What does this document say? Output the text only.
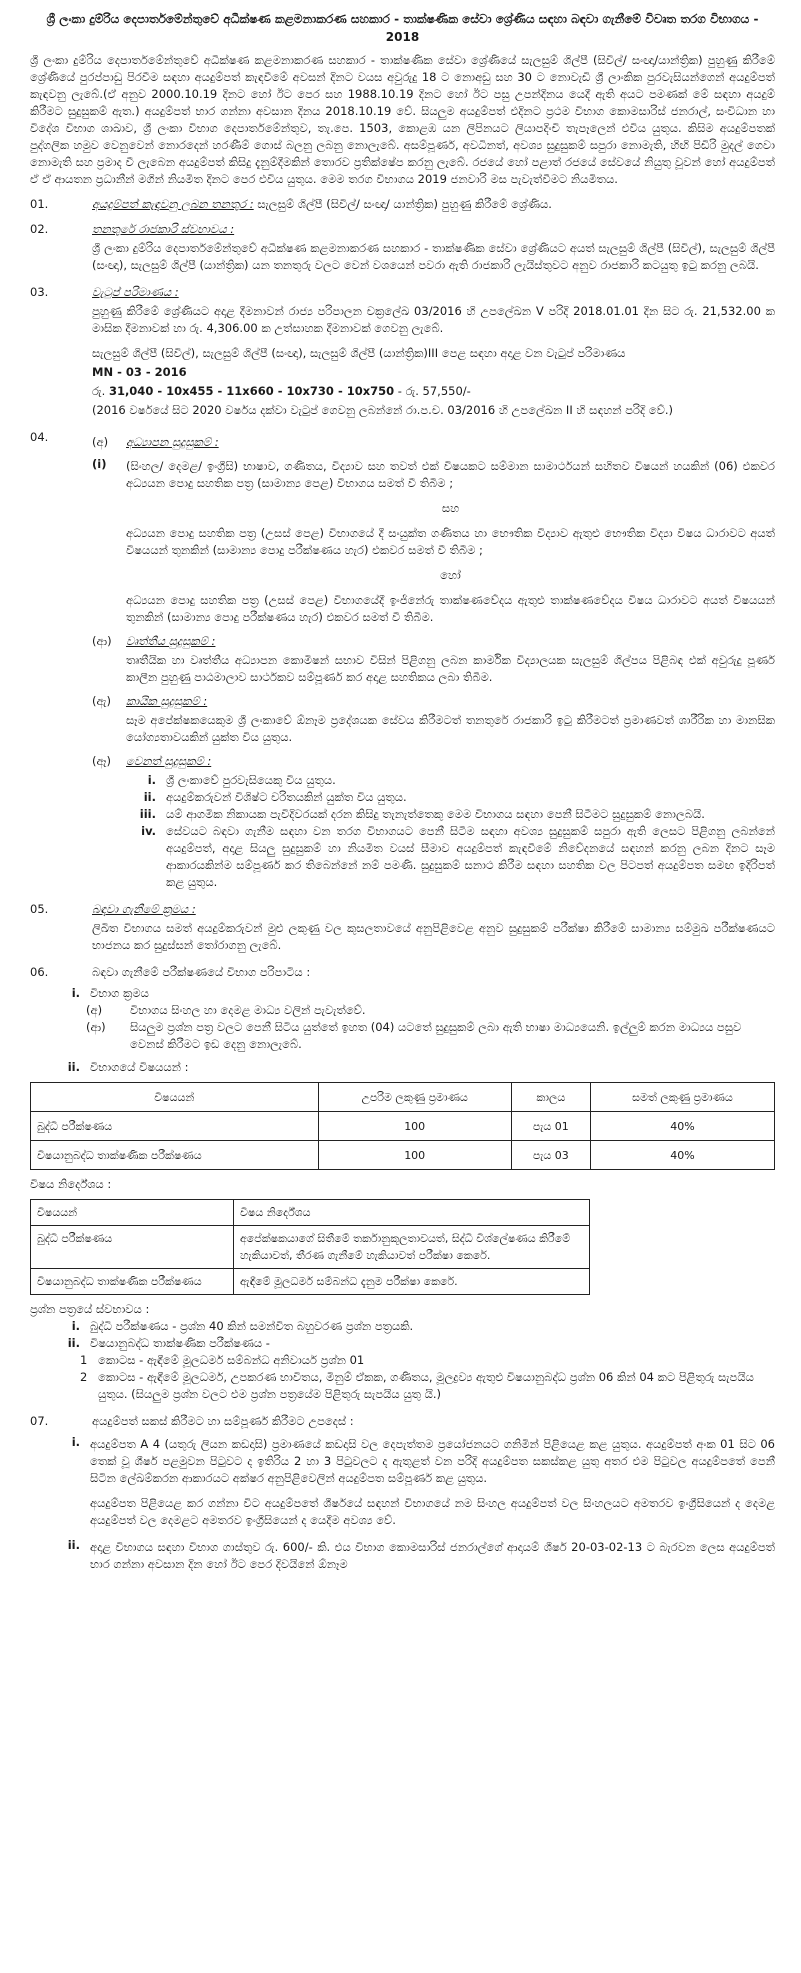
ශ්‍රී ලංකා දුම්රිය දෙපාර්තමේන්තුවේ අධීක්ෂණ කළමනාකරණ සහකාර - තාක්ෂණික සේවා ශ්‍රේණිය සඳහා බඳවා ගැනීමේ විවෘත තරග විභාගය - 2018

ශ්‍රී ලංකා දුම්රිය දෙපාර්තමේන්තුවේ අධීක්ෂණ කළමනාකරණ සහකාර - තාක්ෂණික සේවා ශ්‍රේණියේ සැලසුම් ශිල්පී (සිවිල්/ සංඥා/යාන්ත්‍රික) පුහුණු කිරීමේ ශ්‍රේණියේ පුරප්පාඩු පිරවීම සඳහා අයදුම්පත් කැඳවීමේ අවසන් දිනට වයස අවුරුදු 18 ට නොඅඩු සහ 30 ට නොවැඩි ශ්‍රී ලාංකික පුරවැසියන්ගෙන් අයදුම්පත් කැඳවනු ලැබේ.(ඒ අනුව 2000.10.19 දිනට හෝ ඊට පෙර සහ 1988.10.19 දිනට හෝ ඊට පසු උපන්දිනය යෙදී ඇති අයට පමණක් මේ සඳහා අයදුම් කිරීමට සුදුසුකම් ඇත.) අයදුම්පත් භාර ගන්නා අවසාන දිනය 2018.10.19 වේ. සියලුම අයදුම්පත් එදිනට ප්‍රථම විභාග කොමසාරිස් ජනරාල්, සංවිධාන හා විදේශ විභාග ශාඛාව, ශ්‍රී ලංකා විභාග දෙපාර්තමේන්තුව, තැ.පෙ. 1503, කොළඹ යන ලිපිනයට ලියාපදිංචි තැපෑලෙන් එවිය යුතුය. කිසිම අයදුම්පතක් පුද්ගලික හමුව වෙනුවෙන් නොරදෙන් හරණීම් ගොස් බලනු ලබනු නොලැබේ. අසම්පූර්ණ, අවධිනත්, අවශ්‍ය සුදුසුකම් සපුරා නොමැති, හිඟි පිඩිරි මුදල් ගෙවා නොමැති සහ ප්‍රමාද වී ලැබෙන අයදුම්පත් කිසිදු දැනුම්දීමකින් තොරව ප්‍රතික්ෂේප කරනු ලැබේ. රජයේ හෝ පළාත් රජයේ සේවයේ නියුතු වූවන් හෝ අයදුම්පත් ඒ ඒ ආයතන ප්‍රධානීන් මගින් නියමිත දිනට පෙර එවිය යුතුය. මෙම තරග විභාගය 2019 ජනවාරි මස පැවැත්වීමට නියමිතය.

01.	අයදුම්පත් කැඳවනු ලබන තනතුර : සැලසුම් ශිල්පී (සිවිල්/ සංඥා/ යාන්ත්‍රික) පුහුණු කිරීමේ ශ්‍රේණිය.
02.	තනතුරේ රාජකාරි ස්වභාවය :
ශ්‍රී ලංකා දුම්රිය දෙපාර්තමේන්තුවේ අධීක්ෂණ කළමනාකරණ සහකාර - තාක්ෂණික සේවා ශ්‍රේණියට අයත් සැලසුම් ශිල්පී (සිවිල්), සැලසුම් ශිල්පී (සංඥා), සැලසුම් ශිල්පී (යාන්ත්‍රික) යන තනතුරු වලට වෙන් වශයෙන් පවරා ඇති රාජකාරි ලැයිස්තුවට අනුව රාජකාරි කටයුතු ඉටු කරනු ලබයි.
03.	වැටුප් පරිමාණය :
පුහුණු කිරීමේ ශ්‍රේණියට අදාළ දීමනාවන් රාජ්‍ය පරිපාලන චක්‍රලේඛ 03/2016 හි උපලේඛන V පරිදි 2018.01.01 දින සිට රු. 21,532.00 ක මාසික දීමනාවක් හා රු. 4,306.00 ක උත්සාහක දීමනාවක් ගෙවනු ලැබේ.
සැලසුම් ශිල්පී (සිවිල්), සැලසුම් ශිල්පී (සංඥා), සැලසුම් ශිල්පී (යාන්ත්‍රික)III පෙළ සඳහා අදාළ වන වැටුප් පරිමාණය
MN - 03 - 2016
රු. 31,040 - 10x455 - 11x660 - 10x730 - 10x750 - රු. 57,550/-
(2016 වර්ෂයේ සිට 2020 වර්ෂය දක්වා වැටුප් ගෙවනු ලබන්නේ රා.ප.ච. 03/2016 හි උපලේඛන II හි සඳහන් පරිදි වේ.)
04.	(අ)	අධ්‍යාපන සුදුසුකම් :
(i)	(සිංහල/ දෙමළ/ ඉංග්‍රීසි) භාෂාව, ගණිතය, විද්‍යාව සහ තවත් එක් විෂයකට සම්මාන සාමාර්ථයන් සහිතව විෂයන් හයකින් (06) එකවර අධ්‍යයන පොදු සහතික පත්‍ර (සාමාන්‍ය පෙළ) විභාගය සමත් වී තිබීම ;
සහ
අධ්‍යයන පොදු සහතික පත්‍ර (උසස් පෙළ) විභාගයේ දී සංයුක්ත ගණිතය හා භෞතික විද්‍යාව ඇතුළු භෞතික විද්‍යා විෂය ධාරාවට අයත් විෂයයන් තුනකින් (සාමාන්‍ය පොදු පරීක්ෂණය හැර) එකවර සමත් වී තිබීම ;
හෝ
අධ්‍යයන පොදු සහතික පත්‍ර (උසස් පෙළ) විභාගයේදී ඉංජිනේරු තාක්ෂණවේදය ඇතුළු තාක්ෂණවේදය විෂය ධාරාවට අයත් විෂයයන් තුනකින් (සාමාන්‍ය පොදු පරීක්ෂණය හැර) එකවර සමත් වී තිබීම.
(ආ)	වෘත්තීය සුදුසුකම් :
තෘතීයික හා වෘත්තීය අධ්‍යාපන කොමිෂන් සභාව විසින් පිළිගනු ලබන කාර්මික විද්‍යාලයක සැලසුම් ශිල්පය පිළිබඳ එක් අවුරුදු පූර්ණ කාලීන පුහුණු පාඨමාලාව සාර්ථකව සම්පූර්ණ කර අදාළ සහතිකය ලබා තිබීම.
(ඇ)	කායික සුදුසුකම් :
සෑම අපේක්ෂකයෙකුම ශ්‍රී ලංකාවේ ඕනෑම ප්‍රදේශයක සේවය කිරීමටත් තනතුරේ රාජකාරි ඉටු කිරීමටත් ප්‍රමාණවත් ශාරීරික හා මානසික යෝග්‍යතාවයකින් යුක්ත විය යුතුය.
(ඈ)	වෙනත් සුදුසුකම් :
i. ශ්‍රී ලංකාවේ පුරවැසියෙකු විය යුතුය.
ii. අයදුම්කරුවන් විශිෂ්ට චරිතයකින් යුක්ත විය යුතුය.
iii. යම් ආගමික නිකායක පැවිදිවරයක් දරන කිසිදු තැනැත්තෙකු මෙම විභාගය සඳහා පෙනී සිටීමට සුදුසුකම් නොලබයි.
iv. සේවයට බඳවා ගැනීම සඳහා වන තරග විභාගයට පෙනී සිටීම සඳහා අවශ්‍ය සුදුසුකම් සපුරා ඇති ලෙසට පිළිගනු ලබන්නේ අයදුම්පත්, අදාළ සියලු සුදුසුකම් හා නියමිත වයස් සීමාව අයදුම්පත් කැඳවීමේ නිවේදනයේ සඳහන් කරනු ලබන දිනට සෑම ආකාරයකින්ම සම්පූර්ණ කර තිබෙන්නේ නම් පමණි. සුදුසුකම් සනාථ කිරීම සඳහා සහතික වල පිටපත් අයදුම්පත සමඟ ඉදිරිපත් කළ යුතුය.
05.	බඳවා ගැනීමේ ක්‍රමය :
ලිඛිත විභාගය සමත් අයදුම්කරුවන් මුළු ලකුණු වල කුසලතාවයේ අනුපිළිවෙළ අනුව සුදුසුකම් පරීක්ෂා කිරීමේ සාමාන්‍ය සම්මුඛ පරීක්ෂණයට භාජනය කර සුදුස්සන් තෝරාගනු ලැබේ.
06.	බඳවා ගැනීමේ පරීක්ෂණයේ විභාග පරිපාටිය :
i. විභාග ක්‍රමය
(අ)	විභාගය සිංහල හා දෙමළ මාධ්‍ය වලින් පැවැත්වේ.
(ආ)	සියලුම ප්‍රශ්න පත්‍ර වලට පෙනී සිටිය යුත්තේ ඉහත (04) යටතේ සුදුසුකම් ලබා ඇති භාෂා මාධ්‍යයෙනි. ඉල්ලුම් කරන මාධ්‍යය පසුව වෙනස් කිරීමට ඉඩ දෙනු නොලැබේ.
ii. විභාගයේ විෂයයන් :
විෂයයන්	උපරිම ලකුණු ප්‍රමාණය	කාලය	සමත් ලකුණු ප්‍රමාණය
බුද්ධි පරීක්ෂණය	100	පැය 01	40%
විෂයානුබද්ධ තාක්ෂණික පරීක්ෂණය	100	පැය 03	40%
විෂය නිර්දේශය :
විෂයයන්	විෂය නිර්දේශය
බුද්ධි පරීක්ෂණය	අපේක්ෂකයාගේ සිතීමේ තර්කානුකූලතාවයත්, සිද්ධි විශ්ලේෂණය කිරීමේ හැකියාවත්, තීරණ ගැනීමේ හැකියාවත් පරීක්ෂා කෙරේ.
විෂයානුබද්ධ තාක්ෂණික පරීක්ෂණය	ඇඳීමේ මූලධර්ම සම්බන්ධ දැනුම පරීක්ෂා කෙරේ.
ප්‍රශ්න පත්‍රයේ ස්වභාවය :
i. බුද්ධි පරීක්ෂණය - ප්‍රශ්න 40 කින් සමන්විත බහුවරණ ප්‍රශ්න පත්‍රයකි.
ii. විෂයානුබද්ධ තාක්ෂණික පරීක්ෂණය -
1 කොටස - ඇඳීමේ මූලධර්ම සම්බන්ධ අනිවාර්ය ප්‍රශ්න 01
2 කොටස - ඇඳීමේ මූලධර්ම, උපකරණ භාවිතය, මිනුම් ඒකක, ගණිතය, මූලද්‍රව්‍ය ඇතුළු විෂයානුබද්ධ ප්‍රශ්න 06 කින් 04 කට පිළිතුරු සැපයිය යුතුය. (සියලුම ප්‍රශ්න වලට එම ප්‍රශ්න පත්‍රයේම පිළිතුරු සැපයිය යුතු යි.)
07.	අයදුම්පත් සකස් කිරීමට හා සම්පූර්ණ කිරීමට උපදෙස් :
i. අයදුම්පත A 4 (යතුරු ලියන කඩදාසි) ප්‍රමාණයේ කඩදාසි වල දෙපැත්තම ප්‍රයෝජනයට ගනිමින් පිළියෙළ කළ යුතුය. අයදුම්පත් අංක 01 සිට 06 තෙක් වූ ශීර්ෂ පළමුවන පිටුවට ද ඉතිරිය 2 හා 3 පිටුවලට ද ඇතුළත් වන පරිදි අයදුම්පත සකස්කළ යුතු අතර එම පිටුවල අයදුම්පතේ පෙනී සිටින ලේඛම්කරන ආකාරයට අක්ෂර අනුපිළිවෙලින් අයදුම්පත සම්පූර්ණ කළ යුතුය.
අයදුම්පත පිළියෙළ කර ගන්නා විට අයදුම්පතේ ශීර්ෂයේ සඳහන් විභාගයේ නම සිංහල අයදුම්පත් වල සිංහලයට අමතරව ඉංග්‍රීසියෙන් ද දෙමළ අයදුම්පත් වල දෙමළට අමතරව ඉංග්‍රීසියෙන් ද යෙදීම අවශ්‍ය වේ.
ii. අදාළ විභාගය සඳහා විභාග ගාස්තුව රු. 600/- කි. එය විභාග කොමසාරිස් ජනරාල්ගේ ආදායම් ශීර්ෂ 20-03-02-13 ට බැරවන ලෙස අයදුම්පත් භාර ගන්නා අවසාන දින හෝ ඊට පෙර දිවයිනේ ඕනෑම
